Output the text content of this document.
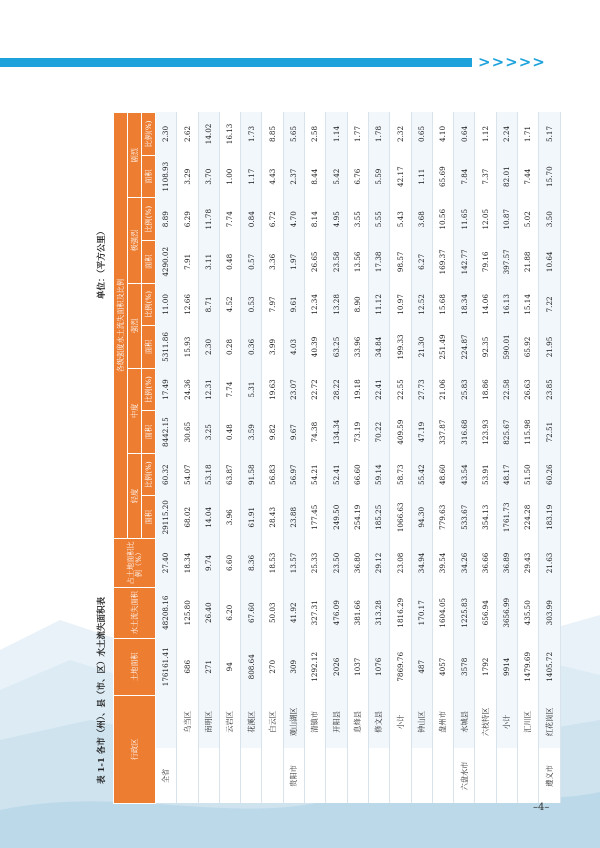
>>>>>
表 1-1 各市（州）、县（市、区）水土流失面积表
单位：（平方公里）
行政区		土地面积	水土流失面积	占土地面积比例（%）	各级强度水土流失面积及比例									
					轻度		中度		强烈		极强烈		剧烈	
					面积	比例(%)	面积	比例(%)	面积	比例(%)	面积	比例(%)	面积	比例(%)
全省		176161.41	48208.16	27.40	29115.20	60.32	8442.15	17.49	5311.86	11.00	4290.02	8.89	1108.93	2.30
	乌当区	686	125.80	18.34	68.02	54.07	30.65	24.36	15.93	12.66	7.91	6.29	3.29	2.62
	南明区	271	26.40	9.74	14.04	53.18	3.25	12.31	2.30	8.71	3.11	11.78	3.70	14.02
	云岩区	94	6.20	6.60	3.96	63.87	0.48	7.74	0.28	4.52	0.48	7.74	1.00	16.13
	花溪区	808.64	67.60	8.36	61.91	91.58	3.59	5.31	0.36	0.53	0.57	0.84	1.17	1.73
	白云区	270	50.03	18.53	28.43	56.83	9.82	19.63	3.99	7.97	3.36	6.72	4.43	8.85
贵阳市	观山湖区	309	41.92	13.57	23.88	56.97	9.67	23.07	4.03	9.61	1.97	4.70	2.37	5.65
	清镇市	1292.12	327.31	25.33	177.45	54.21	74.38	22.72	40.39	12.34	26.65	8.14	8.44	2.58
	开阳县	2026	476.09	23.50	249.50	52.41	134.34	28.22	63.25	13.28	23.58	4.95	5.42	1.14
	息烽县	1037	381.66	36.80	254.19	66.60	73.19	19.18	33.96	8.90	13.56	3.55	6.76	1.77
	修文县	1076	313.28	29.12	185.25	59.14	70.22	22.41	34.84	11.12	17.38	5.55	5.59	1.78
	小计	7869.76	1816.29	23.08	1066.63	58.73	409.59	22.55	199.33	10.97	98.57	5.43	42.17	2.32
	钟山区	487	170.17	34.94	94.30	55.42	47.19	27.73	21.30	12.52	6.27	3.68	1.11	0.65
	盘州市	4057	1604.05	39.54	779.63	48.60	337.87	21.06	251.49	15.68	169.37	10.56	65.69	4.10
六盘水市	水城县	3578	1225.83	34.26	533.67	43.54	316.68	25.83	224.87	18.34	142.77	11.65	7.84	0.64
	六枝特区	1792	656.94	36.66	354.13	53.91	123.93	18.86	92.35	14.06	79.16	12.05	7.37	1.12
	小计	9914	3656.99	36.89	1761.73	48.17	825.67	22.58	590.01	16.13	397.57	10.87	82.01	2.24
	汇川区	1479.69	435.50	29.43	224.28	51.50	115.98	26.63	65.92	15.14	21.88	5.02	7.44	1.71
遵义市	红花岗区	1405.72	303.99	21.63	183.19	60.26	72.51	23.85	21.95	7.22	10.64	3.50	15.70	5.17
–4–
